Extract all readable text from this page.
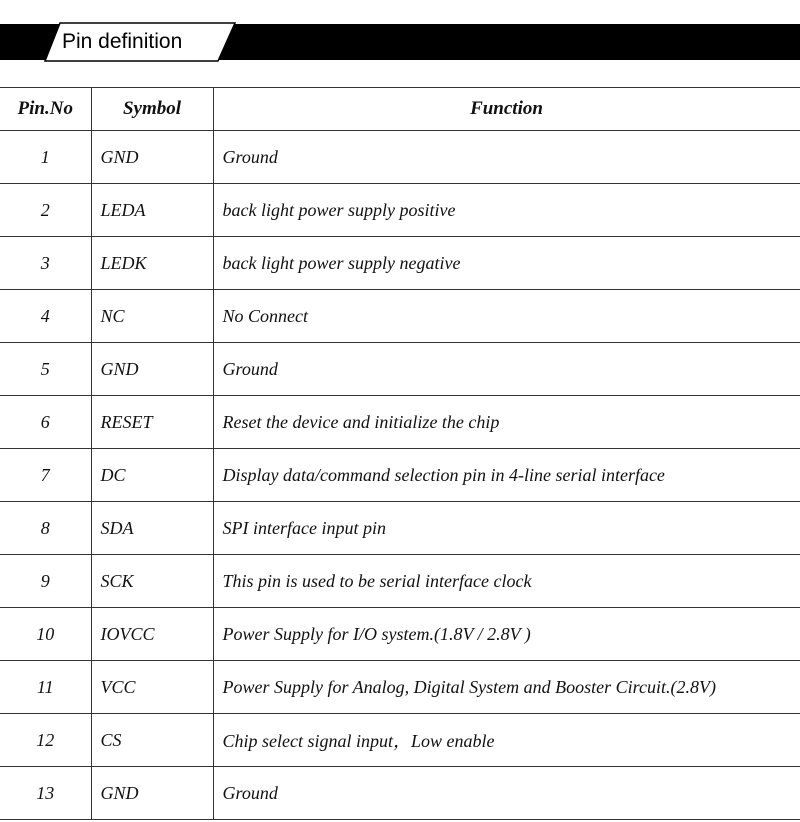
Pin definition
Pin.No	Symbol	Function
1	GND	Ground
2	LEDA	back light power supply positive
3	LEDK	back light power supply negative
4	NC	No Connect
5	GND	Ground
6	RESET	Reset the device and initialize the chip
7	DC	Display data/command selection pin in 4-line serial interface
8	SDA	SPI interface input pin
9	SCK	This pin is used to be serial interface clock
10	IOVCC	Power Supply for I/O system.(1.8V / 2.8V )
11	VCC	Power Supply for Analog, Digital System and Booster Circuit.(2.8V)
12	CS	Chip select signal input，Low enable
13	GND	Ground
